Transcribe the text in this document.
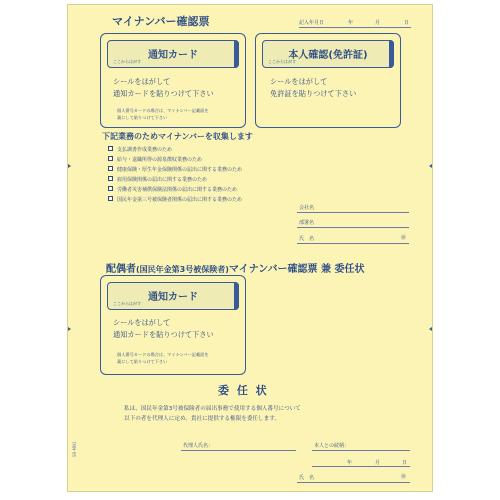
マイナンバー確認票	記入年月日	年	月	日
通知カード
ここからはがす
シールをはがして
通知カードを貼りつけて下さい
個人番号カードの場合は、マイナンバー記載面を
裏にして貼りつけて下さい
本人確認(免許証)
ここからはがす
シールをはがして
免許証を貼りつけて下さい
下記業務のためマイナンバーを収集します
支払調書作成業務のため
給与・退職所得の源泉徴収業務のため
健康保険・厚生年金保険関係の届出に関する業務のため
雇用保険関係の届出に関する業務のため
労働者災害補償保険法関係の届出に関する業務のため
国民年金第三号被保険者関係の届出に関する業務のため
会社名
部署名
氏　名	㊞
配偶者(国民年金第3号被保険者)マイナンバー確認票 兼 委任状
通知カード
ここからはがす
シールをはがして
通知カードを貼りつけて下さい
個人番号カードの場合は、マイナンバー記載面を
裏にして貼りつけて下さい
委 任 状
私は、国民年金第3号被保険者の届出事務で使用する個人番号について
以下の者を代理人に定め、貴社に提供する権限を委任します。
代理人氏名：	本人との続柄：
年	月	日
氏　名	㊞
SR-MN1
